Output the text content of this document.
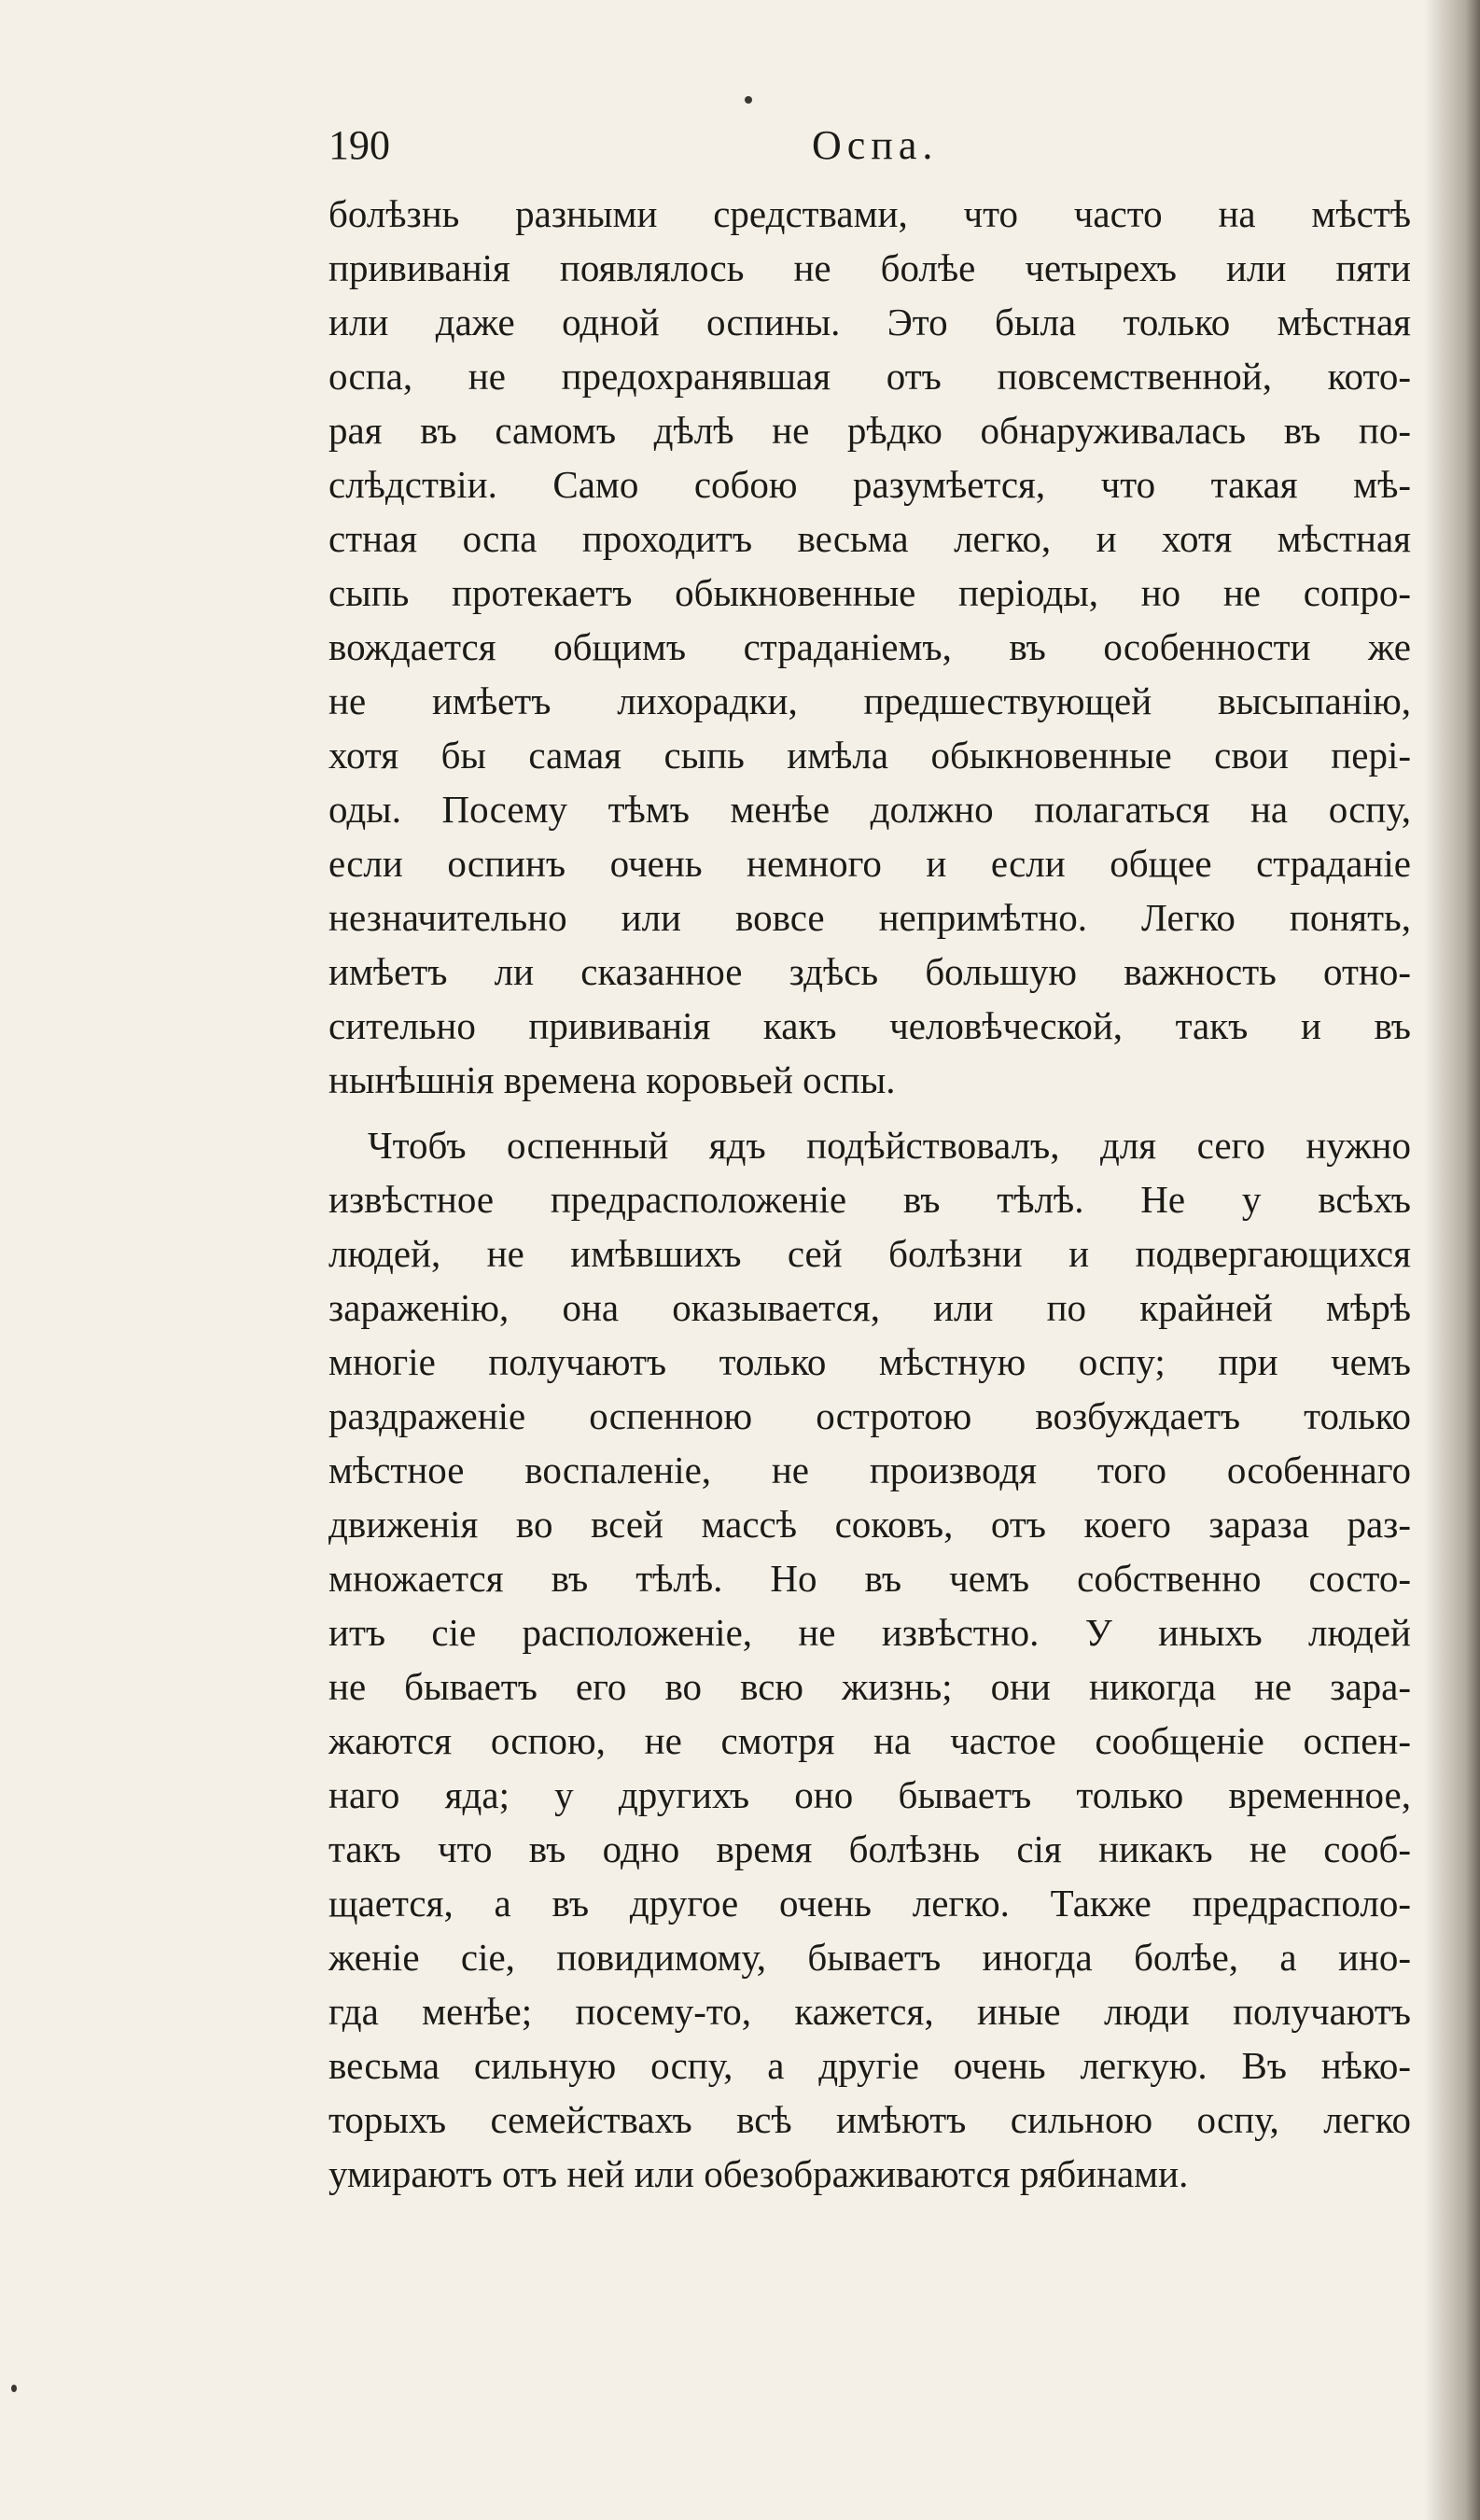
190	Оспа.
болѣзнь разными средствами, что часто на мѣстѣ
прививанія появлялось не болѣе четырехъ или пяти
или даже одной оспины. Это была только мѣстная
оспа, не предохранявшая отъ повсемственной, кото-
рая въ самомъ дѣлѣ не рѣдко обнаруживалась въ по-
слѣдствіи. Само собою разумѣется, что такая мѣ-
стная оспа проходитъ весьма легко, и хотя мѣстная
сыпь протекаетъ обыкновенные періоды, но не сопро-
вождается общимъ страданіемъ, въ особенности же
не имѣетъ лихорадки, предшествующей высыпанію,
хотя бы самая сыпь имѣла обыкновенные свои пері-
оды. Посему тѣмъ менѣе должно полагаться на оспу,
если оспинъ очень немного и если общее страданіе
незначительно или вовсе непримѣтно. Легко понять,
имѣетъ ли сказанное здѣсь большую важность отно-
сительно прививанія какъ человѣческой, такъ и въ
нынѣшнія времена коровьей оспы.
Чтобъ оспенный ядъ подѣйствовалъ, для сего нужно
извѣстное предрасположеніе въ тѣлѣ. Не у всѣхъ
людей, не имѣвшихъ сей болѣзни и подвергающихся
зараженію, она оказывается, или по крайней мѣрѣ
многіе получаютъ только мѣстную оспу; при чемъ
раздраженіе оспенною остротою возбуждаетъ только
мѣстное воспаленіе, не производя того особеннаго
движенія во всей массѣ соковъ, отъ коего зараза раз-
множается въ тѣлѣ. Но въ чемъ собственно состо-
итъ сіе расположеніе, не извѣстно. У иныхъ людей
не бываетъ его во всю жизнь; они никогда не зара-
жаются оспою, не смотря на частое сообщеніе оспен-
наго яда; у другихъ оно бываетъ только временное,
такъ что въ одно время болѣзнь сія никакъ не сооб-
щается, а въ другое очень легко. Также предрасполо-
женіе сіе, повидимому, бываетъ иногда болѣе, а ино-
гда менѣе; посему-то, кажется, иные люди получаютъ
весьма сильную оспу, а другіе очень легкую. Въ нѣко-
торыхъ семействахъ всѣ имѣютъ сильною оспу, легко
умираютъ отъ ней или обезображиваются рябинами.
